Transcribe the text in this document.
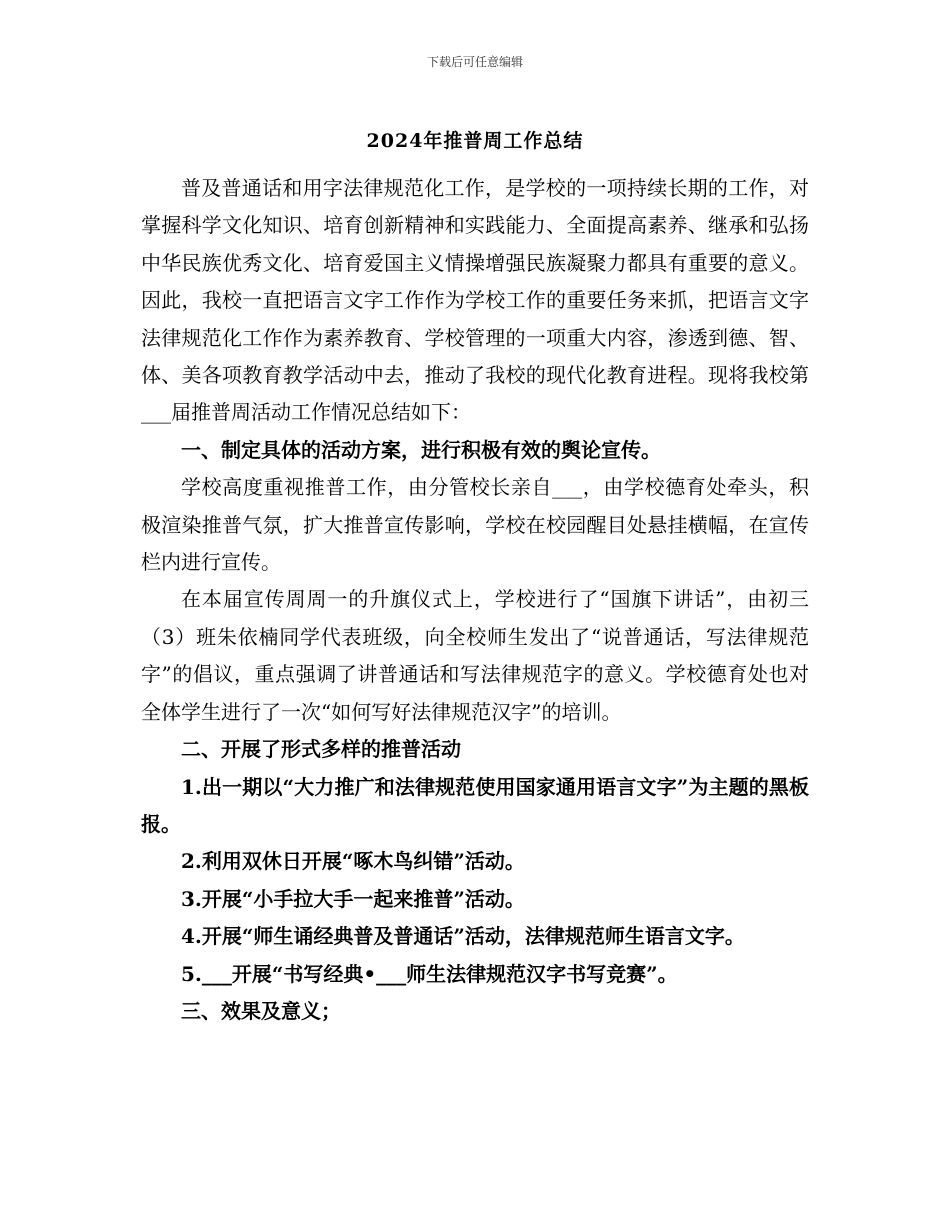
下载后可任意编辑
2024年推普周工作总结

普及普通话和用字法律规范化工作，是学校的一项持续长期的工作，对掌握科学文化知识、培育创新精神和实践能力、全面提高素养、继承和弘扬中华民族优秀文化、培育爱国主义情操增强民族凝聚力都具有重要的意义。因此，我校一直把语言文字工作作为学校工作的重要任务来抓，把语言文字法律规范化工作作为素养教育、学校管理的一项重大内容，渗透到德、智、体、美各项教育教学活动中去，推动了我校的现代化教育进程。现将我校第___届推普周活动工作情况总结如下：

一、制定具体的活动方案，进行积极有效的舆论宣传。

学校高度重视推普工作，由分管校长亲自___，由学校德育处牵头，积极渲染推普气氛，扩大推普宣传影响，学校在校园醒目处悬挂横幅，在宣传栏内进行宣传。

在本届宣传周周一的升旗仪式上，学校进行了“国旗下讲话”，由初三（3）班朱依楠同学代表班级，向全校师生发出了“说普通话，写法律规范字”的倡议，重点强调了讲普通话和写法律规范字的意义。学校德育处也对全体学生进行了一次“如何写好法律规范汉字”的培训。

二、开展了形式多样的推普活动

1.出一期以“大力推广和法律规范使用国家通用语言文字”为主题的黑板报。

2.利用双休日开展“啄木鸟纠错”活动。

3.开展“小手拉大手一起来推普”活动。

4.开展“师生诵经典普及普通话”活动，法律规范师生语言文字。

5.___开展“书写经典•___师生法律规范汉字书写竞赛”。

三、效果及意义；
